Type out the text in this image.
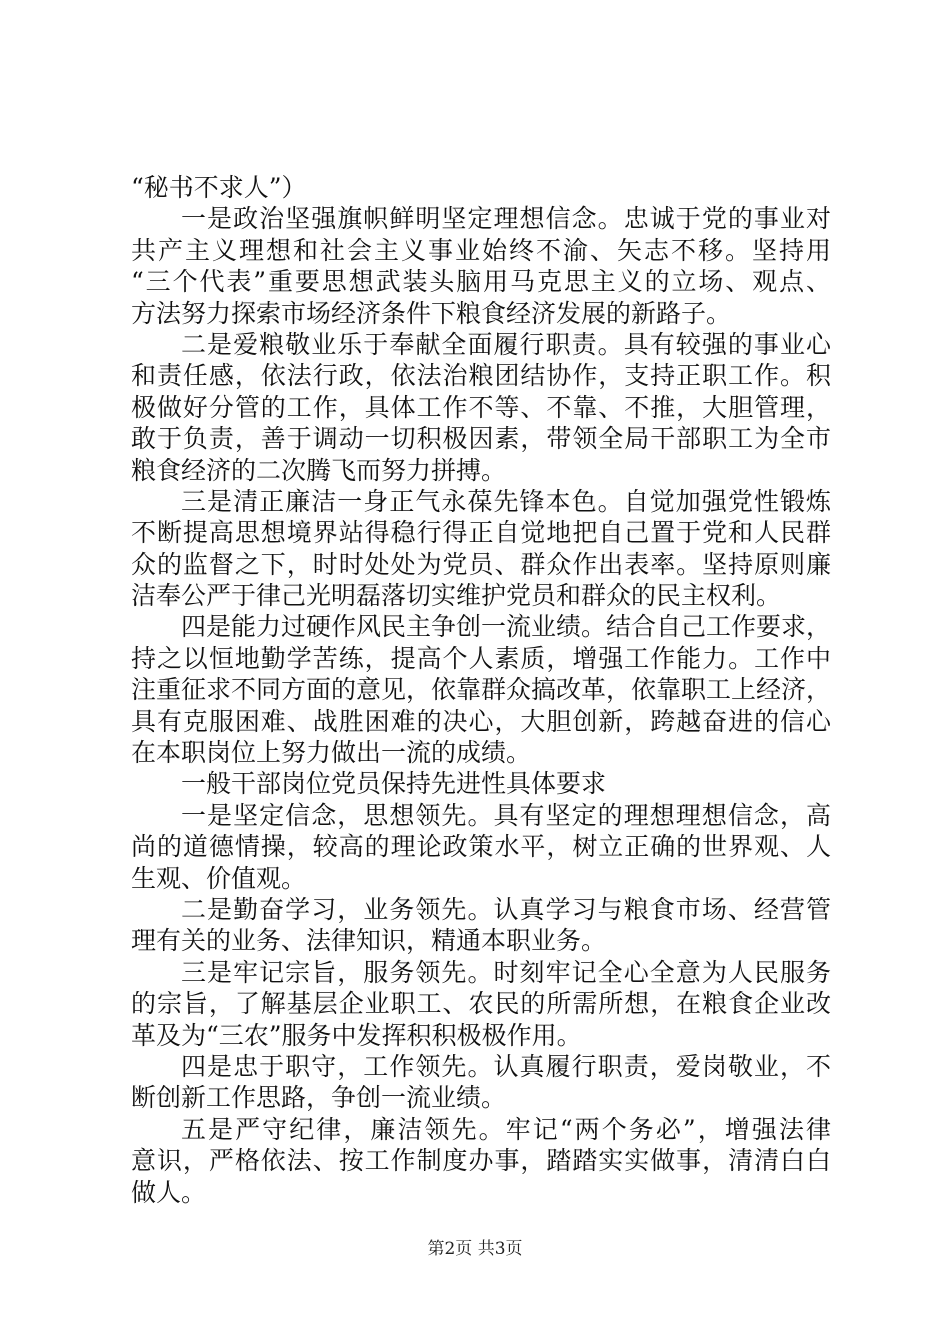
“秘书不求人”）
一是政治坚强旗帜鲜明坚定理想信念。忠诚于党的事业对
共产主义理想和社会主义事业始终不渝、矢志不移。坚持用
“三个代表”重要思想武装头脑用马克思主义的立场、观点、
方法努力探索市场经济条件下粮食经济发展的新路子。
二是爱粮敬业乐于奉献全面履行职责。具有较强的事业心
和责任感，依法行政，依法治粮团结协作，支持正职工作。积
极做好分管的工作，具体工作不等、不靠、不推，大胆管理，
敢于负责，善于调动一切积极因素，带领全局干部职工为全市
粮食经济的二次腾飞而努力拼搏。
三是清正廉洁一身正气永葆先锋本色。自觉加强党性锻炼
不断提高思想境界站得稳行得正自觉地把自己置于党和人民群
众的监督之下，时时处处为党员、群众作出表率。坚持原则廉
洁奉公严于律己光明磊落切实维护党员和群众的民主权利。
四是能力过硬作风民主争创一流业绩。结合自己工作要求，
持之以恒地勤学苦练，提高个人素质，增强工作能力。工作中
注重征求不同方面的意见，依靠群众搞改革，依靠职工上经济，
具有克服困难、战胜困难的决心，大胆创新，跨越奋进的信心
在本职岗位上努力做出一流的成绩。
一般干部岗位党员保持先进性具体要求
一是坚定信念，思想领先。具有坚定的理想理想信念，高
尚的道德情操，较高的理论政策水平，树立正确的世界观、人
生观、价值观。
二是勤奋学习，业务领先。认真学习与粮食市场、经营管
理有关的业务、法律知识，精通本职业务。
三是牢记宗旨，服务领先。时刻牢记全心全意为人民服务
的宗旨，了解基层企业职工、农民的所需所想，在粮食企业改
革及为“三农”服务中发挥积积极极作用。
四是忠于职守，工作领先。认真履行职责，爱岗敬业，不
断创新工作思路，争创一流业绩。
五是严守纪律，廉洁领先。牢记“两个务必”，增强法律
意识，严格依法、按工作制度办事，踏踏实实做事，清清白白
做人。
第2页 共3页
